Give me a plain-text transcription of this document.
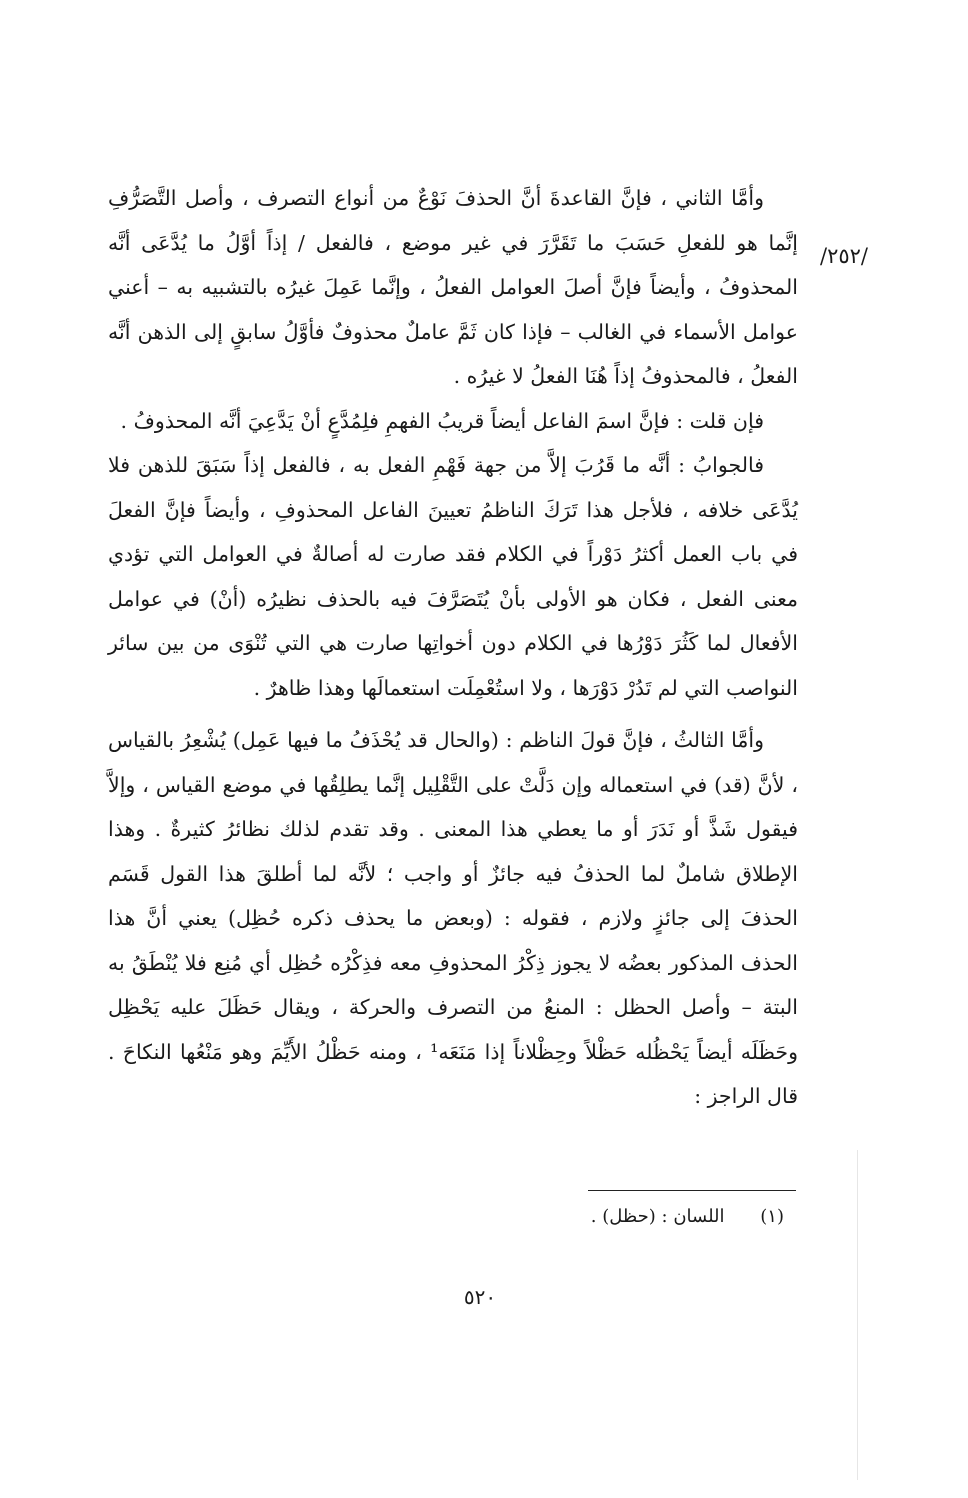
/٢٥٢/

وأمَّا الثاني ، فإنَّ القاعدةَ أنَّ الحذفَ نَوْعٌ من أنواع التصرف ، وأصل التَّصَرُّفِ إنَّما هو للفعلِ حَسَبَ ما تَقَرَّرَ في غير موضع ، فالفعل / إذاً أوَّلُ ما يُدَّعَى أنَّه المحذوفُ ، وأيضاً فإنَّ أصلَ العوامل الفعلُ ، وإنَّما عَمِلَ غيرُه بالتشبيه به – أعني عوامل الأسماء في الغالب – فإذا كان ثَمَّ عاملٌ محذوفٌ فأوَّلُ سابقٍ إلى الذهن أنَّه الفعلُ ، فالمحذوفُ إذاً هُنَا الفعلُ لا غيرُه .

فإن قلت : فإنَّ اسمَ الفاعل أيضاً قريبُ الفهمِ فلِمُدَّعٍ أنْ يَدَّعِيَ أنَّه المحذوفُ .

فالجوابُ : أنَّه ما قَرُبَ إلاَّ من جهة فَهْمِ الفعل به ، فالفعل إذاً سَبَقَ للذهن فلا يُدَّعَى خلافه ، فلأجل هذا تَرَكَ الناظمُ تعيينَ الفاعل المحذوفِ ، وأيضاً فإنَّ الفعلَ في باب العمل أكثرُ دَوْراً في الكلام فقد صارت له أصالةٌ في العوامل التي تؤدي معنى الفعل ، فكان هو الأولى بأنْ يُتَصَرَّفَ فيه بالحذف نظيرُه (أنْ) في عوامل الأفعال لما كَثُرَ دَوْرُها في الكلام دون أخواتِها صارت هي التي تُنْوَى من بين سائر النواصب التي لم تَدُرْ دَوْرَها ، ولا استُعْمِلَت استعمالَها وهذا ظاهرٌ .

وأمَّا الثالثُ ، فإنَّ قولَ الناظم : (والحال قد يُحْذَفُ ما فيها عَمِل) يُشْعِرُ بالقياس ، لأنَّ (قد) في استعماله وإن دَلَّتْ على التَّقْلِيل إنَّما يطلِقُها في موضع القياس ، وإلاَّ فيقول شَذَّ أو نَدَرَ أو ما يعطي هذا المعنى . وقد تقدم لذلك نظائرُ كثيرةٌ . وهذا الإطلاق شاملٌ لما الحذفُ فيه جائزٌ أو واجب ؛ لأنَّه لما أطلقَ هذا القول قَسَم الحذفَ إلى جائزٍ ولازم ، فقوله : (وبعض ما يحذف ذكره حُظِل) يعني أنَّ هذا الحذف المذكور بعضُه لا يجوز ذِكْرُ المحذوفِ معه فذِكْرُه حُظِل أي مُنِع فلا يُنْطَقُ به البتة – وأصل الحظل : المنعُ من التصرف والحركة ، ويقال حَظَلَ عليه يَحْظِل وحَظَلَه أيضاً يَحْظُله حَظْلاً وحِظْلاناً إذا مَنَعَه¹ ، ومنه حَظْلُ الأَيِّمَ وهو مَنْعُها النكاحَ . قال الراجز :

(١) اللسان : (حظل) .
٥٢٠
